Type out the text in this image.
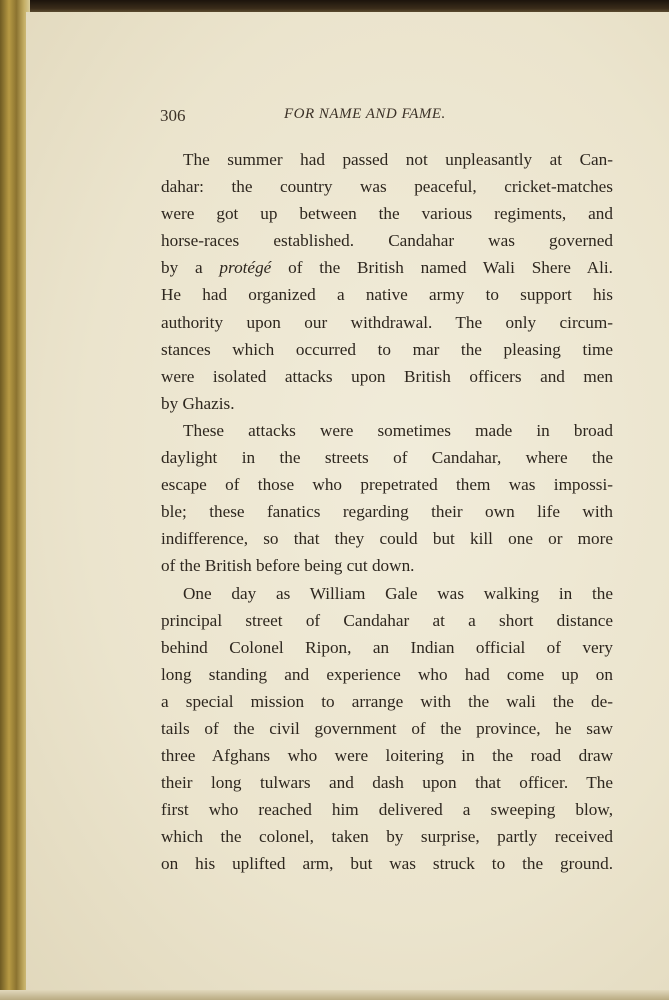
306	FOR NAME AND FAME.
The summer had passed not unpleasantly at Can-
dahar: the country was peaceful, cricket-matches
were got up between the various regiments, and
horse-races established. Candahar was governed
by a protégé of the British named Wali Shere Ali.
He had organized a native army to support his
authority upon our withdrawal. The only circum-
stances which occurred to mar the pleasing time
were isolated attacks upon British officers and men
by Ghazis.
These attacks were sometimes made in broad
daylight in the streets of Candahar, where the
escape of those who prepetrated them was impossi-
ble; these fanatics regarding their own life with
indifference, so that they could but kill one or more
of the British before being cut down.
One day as William Gale was walking in the
principal street of Candahar at a short distance
behind Colonel Ripon, an Indian official of very
long standing and experience who had come up on
a special mission to arrange with the wali the de-
tails of the civil government of the province, he saw
three Afghans who were loitering in the road draw
their long tulwars and dash upon that officer. The
first who reached him delivered a sweeping blow,
which the colonel, taken by surprise, partly received
on his uplifted arm, but was struck to the ground.
